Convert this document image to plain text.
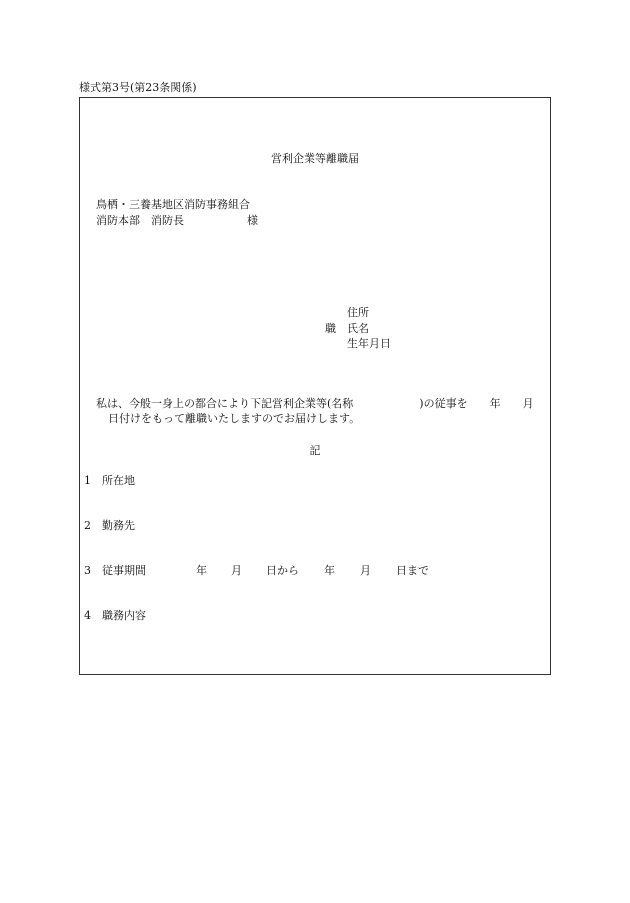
様式第3号(第23条関係)
営利企業等離職届
鳥栖・三養基地区消防事務組合
消防本部　消防長	様
住所
職 氏名
生年月日
私は、今般一身上の都合により下記営利企業等(名称　　　　　　)の従事を　　年　　月
日付けをもって離職いたしますのでお届けします。
記
1 所在地
2 勤務先
3 従事期間	年 月 日から 年 月 日まで
4 職務内容
